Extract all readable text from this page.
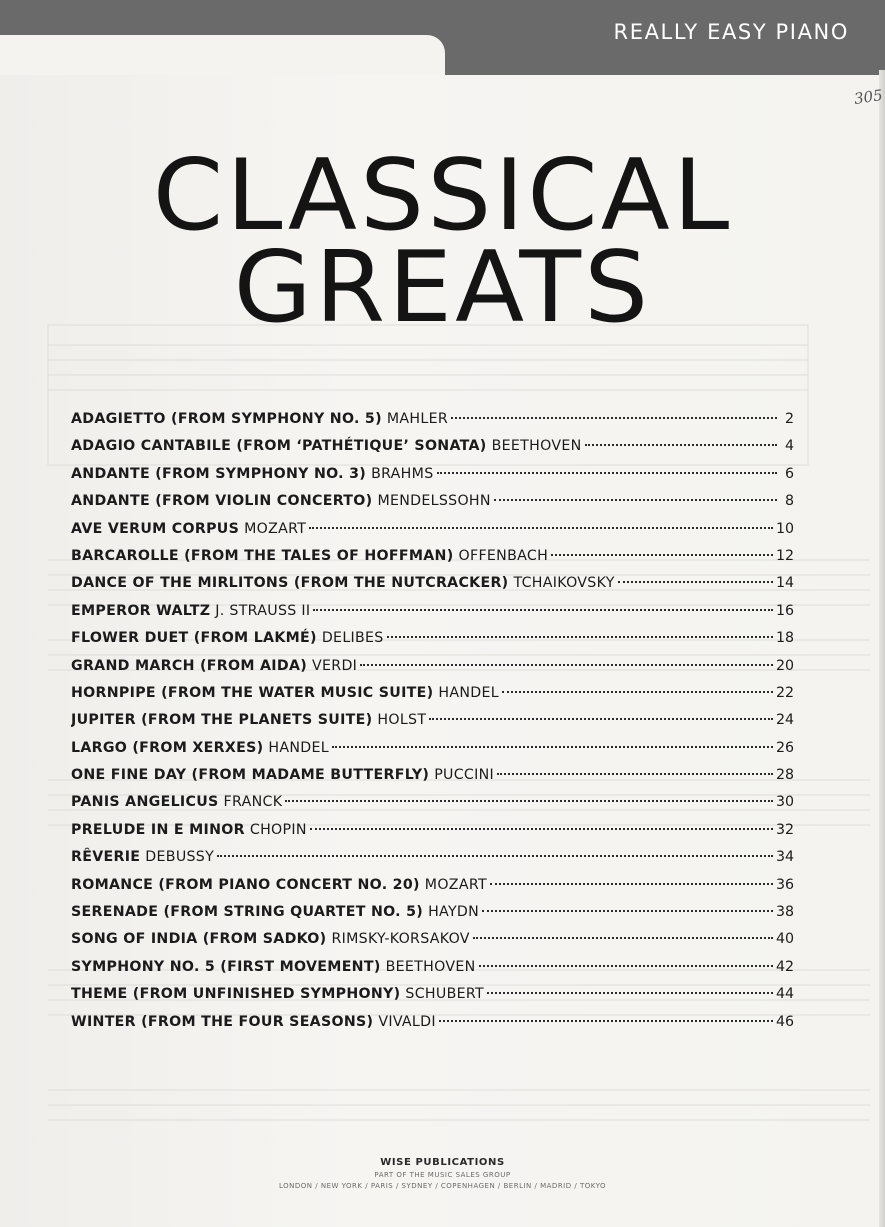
REALLY EASY PIANO
305
CLASSICAL
GREATS
ADAGIETTO (FROM SYMPHONY NO. 5) MAHLER	2
ADAGIO CANTABILE (FROM ‘PATHÉTIQUE’ SONATA) BEETHOVEN	4
ANDANTE (FROM SYMPHONY NO. 3) BRAHMS	6
ANDANTE (FROM VIOLIN CONCERTO) MENDELSSOHN	8
AVE VERUM CORPUS MOZART	10
BARCAROLLE (FROM THE TALES OF HOFFMAN) OFFENBACH	12
DANCE OF THE MIRLITONS (FROM THE NUTCRACKER) TCHAIKOVSKY	14
EMPEROR WALTZ J. STRAUSS II	16
FLOWER DUET (FROM LAKMÉ) DELIBES	18
GRAND MARCH (FROM AIDA) VERDI	20
HORNPIPE (FROM THE WATER MUSIC SUITE) HANDEL	22
JUPITER (FROM THE PLANETS SUITE) HOLST	24
LARGO (FROM XERXES) HANDEL	26
ONE FINE DAY (FROM MADAME BUTTERFLY) PUCCINI	28
PANIS ANGELICUS FRANCK	30
PRELUDE IN E MINOR CHOPIN	32
RÊVERIE DEBUSSY	34
ROMANCE (FROM PIANO CONCERT NO. 20) MOZART	36
SERENADE (FROM STRING QUARTET NO. 5) HAYDN	38
SONG OF INDIA (FROM SADKO) RIMSKY-KORSAKOV	40
SYMPHONY NO. 5 (FIRST MOVEMENT) BEETHOVEN	42
THEME (FROM UNFINISHED SYMPHONY) SCHUBERT	44
WINTER (FROM THE FOUR SEASONS) VIVALDI	46
WISE PUBLICATIONS
PART OF THE MUSIC SALES GROUP
LONDON / NEW YORK / PARIS / SYDNEY / COPENHAGEN / BERLIN / MADRID / TOKYO
